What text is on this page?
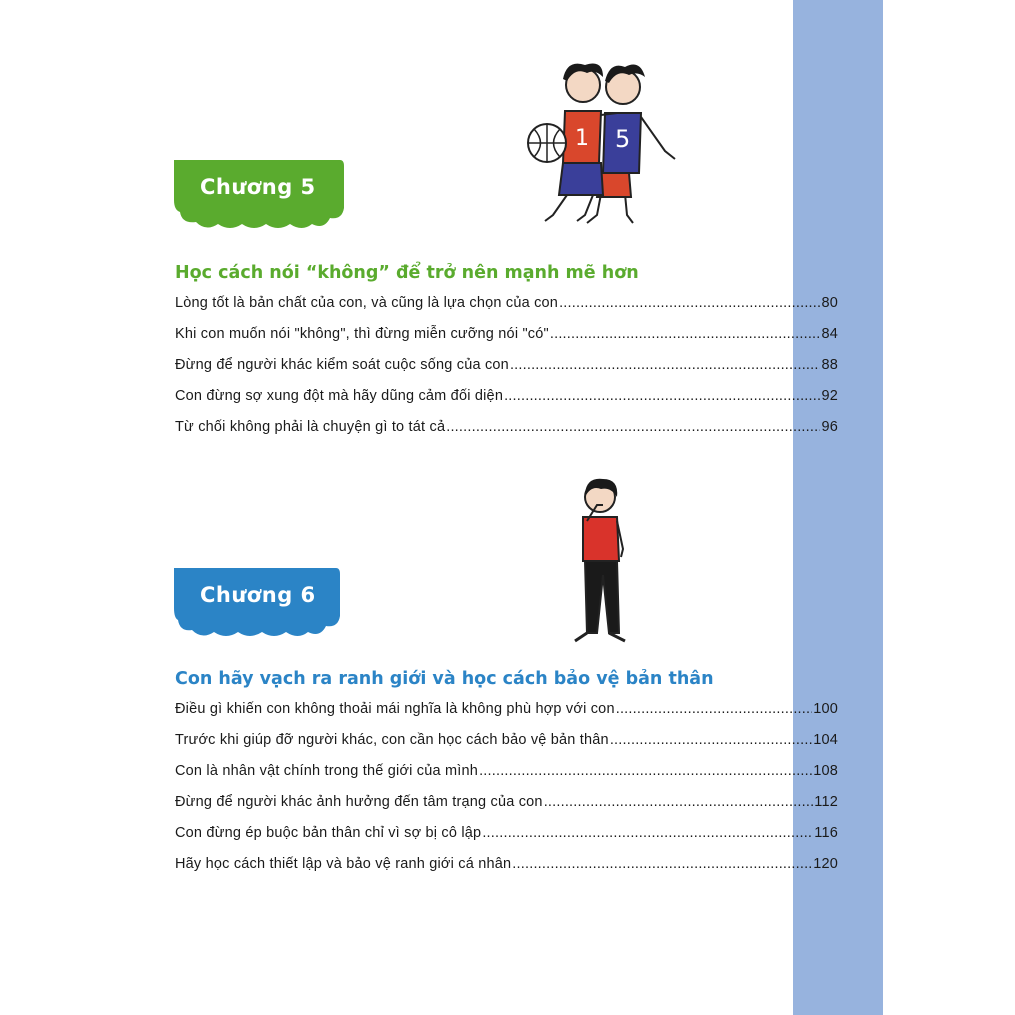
5
1
Chương 5
Học cách nói “không” để trở nên mạnh mẽ hơn
Lòng tốt là bản chất của con, và cũng là lựa chọn của con .....	80
Khi con muốn nói "không", thì đừng miễn cưỡng nói "có" .....	84
Đừng để người khác kiểm soát cuộc sống của con .....	88
Con đừng sợ xung đột mà hãy dũng cảm đối diện .....	92
Từ chối không phải là chuyện gì to tát cả .....	96
Chương 6
Con hãy vạch ra ranh giới và học cách bảo vệ bản thân
Điều gì khiến con không thoải mái nghĩa là không phù hợp với con .....	100
Trước khi giúp đỡ người khác, con cần học cách bảo vệ bản thân .....	104
Con là nhân vật chính trong thế giới của mình .....	108
Đừng để người khác ảnh hưởng đến tâm trạng của con .....	112
Con đừng ép buộc bản thân chỉ vì sợ bị cô lập .....	116
Hãy học cách thiết lập và bảo vệ ranh giới cá nhân .....	120
